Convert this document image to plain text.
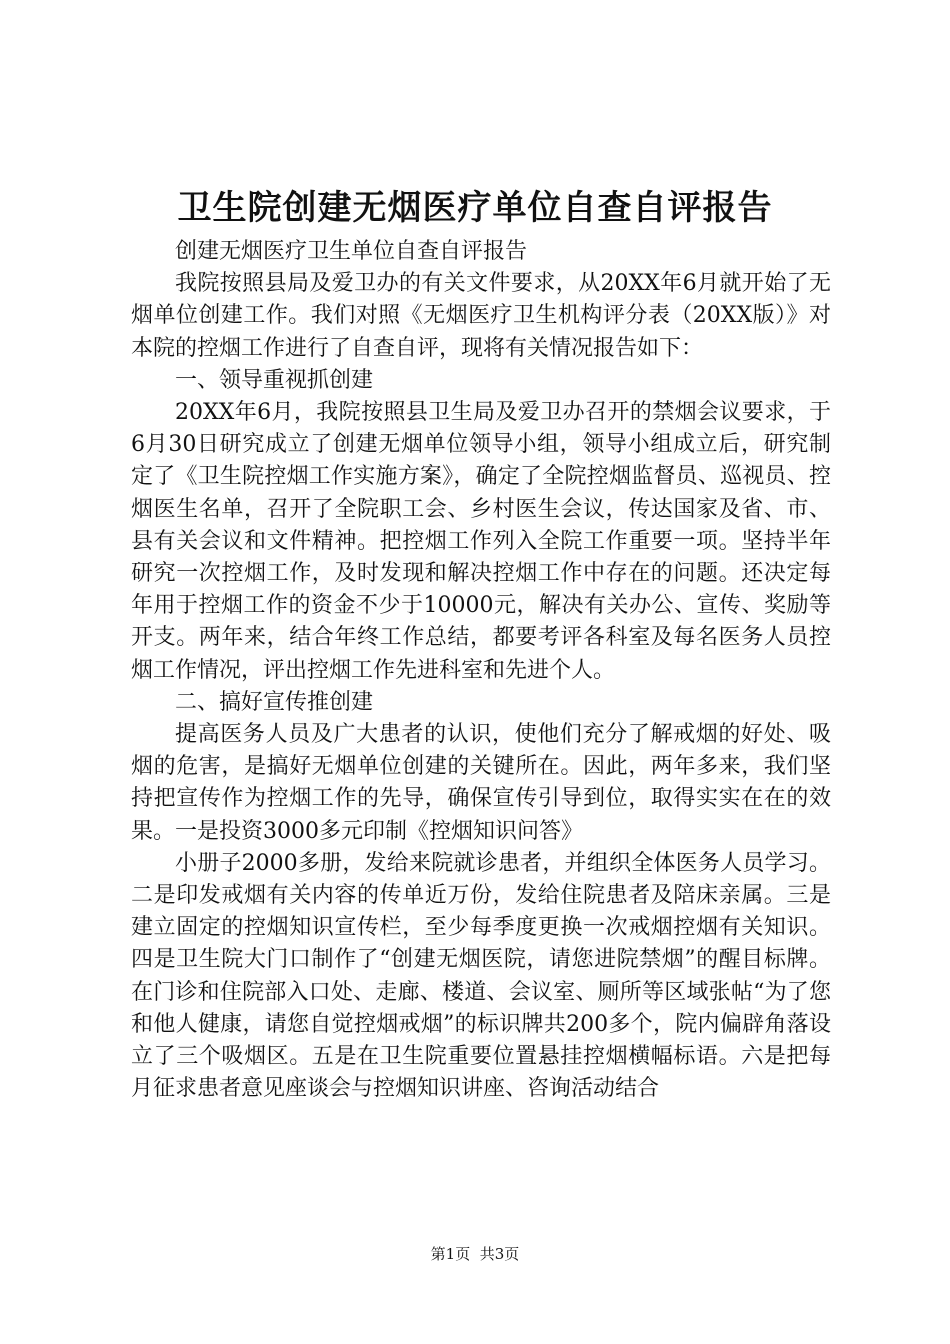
卫生院创建无烟医疗单位自查自评报告

创建无烟医疗卫生单位自查自评报告

我院按照县局及爱卫办的有关文件要求，从20XX年6月就开始了无烟单位创建工作。我们对照《无烟医疗卫生机构评分表（20XX版）》对本院的控烟工作进行了自查自评，现将有关情况报告如下：

一、领导重视抓创建

20XX年6月，我院按照县卫生局及爱卫办召开的禁烟会议要求，于6月30日研究成立了创建无烟单位领导小组，领导小组成立后，研究制定了《卫生院控烟工作实施方案》，确定了全院控烟监督员、巡视员、控烟医生名单，召开了全院职工会、乡村医生会议，传达国家及省、市、县有关会议和文件精神。把控烟工作列入全院工作重要一项。坚持半年研究一次控烟工作，及时发现和解决控烟工作中存在的问题。还决定每年用于控烟工作的资金不少于10000元，解决有关办公、宣传、奖励等开支。两年来，结合年终工作总结，都要考评各科室及每名医务人员控烟工作情况，评出控烟工作先进科室和先进个人。

二、搞好宣传推创建

提高医务人员及广大患者的认识，使他们充分了解戒烟的好处、吸烟的危害，是搞好无烟单位创建的关键所在。因此，两年多来，我们坚持把宣传作为控烟工作的先导，确保宣传引导到位，取得实实在在的效果。一是投资3000多元印制《控烟知识问答》

小册子2000多册，发给来院就诊患者，并组织全体医务人员学习。二是印发戒烟有关内容的传单近万份，发给住院患者及陪床亲属。三是建立固定的控烟知识宣传栏，至少每季度更换一次戒烟控烟有关知识。四是卫生院大门口制作了“创建无烟医院，请您进院禁烟”的醒目标牌。在门诊和住院部入口处、走廊、楼道、会议室、厕所等区域张帖“为了您和他人健康，请您自觉控烟戒烟”的标识牌共200多个，院内偏辟角落设立了三个吸烟区。五是在卫生院重要位置悬挂控烟横幅标语。六是把每月征求患者意见座谈会与控烟知识讲座、咨询活动结合

第1页 共3页
